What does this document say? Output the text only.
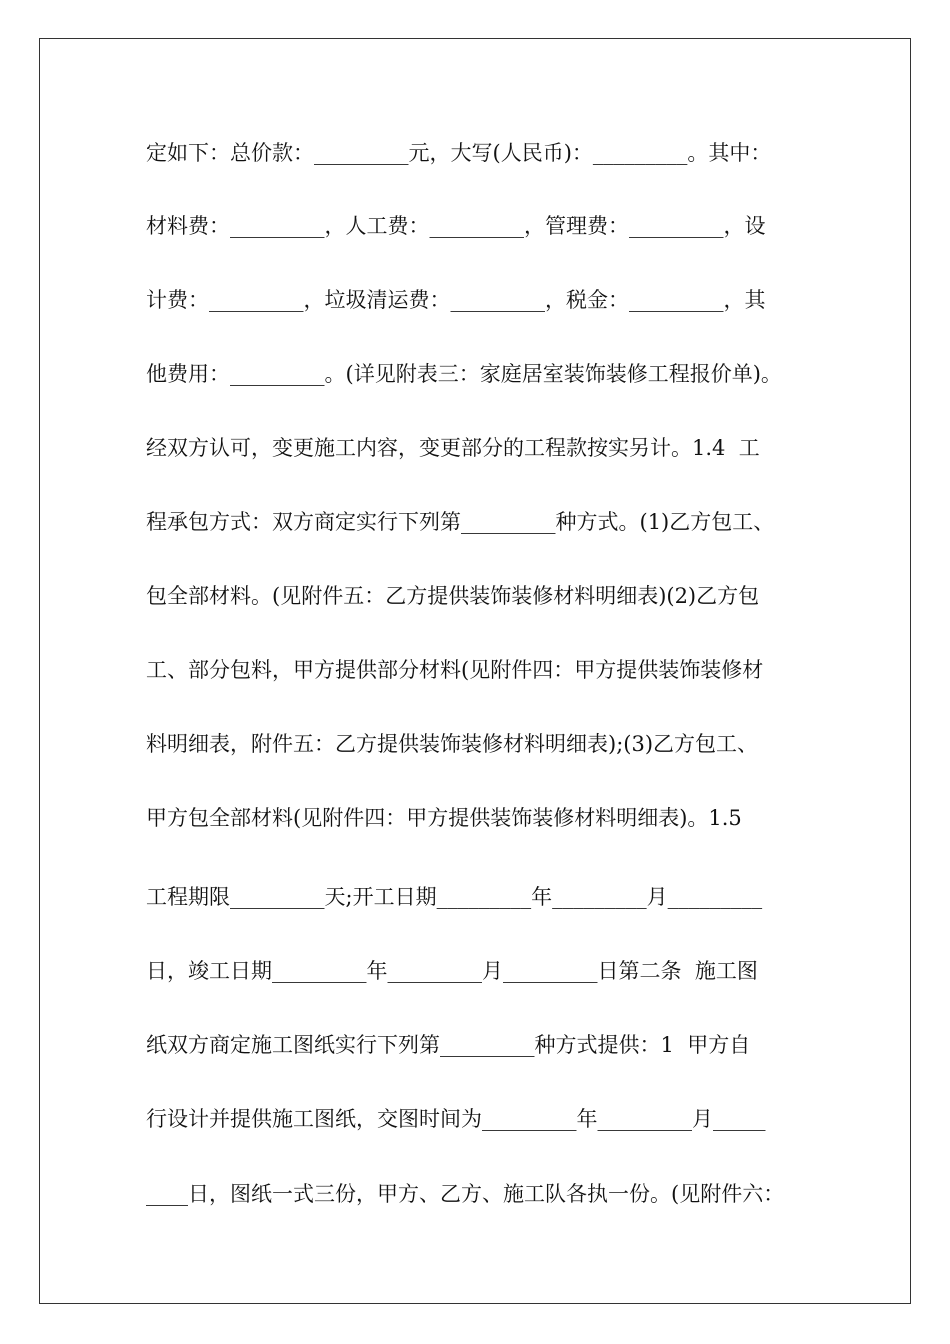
定如下：总价款：_________元，大写(人民币)：_________。其中：
材料费：_________，人工费：_________，管理费：_________，设
计费：_________，垃圾清运费：_________，税金：_________，其
他费用：_________。(详见附表三：家庭居室装饰装修工程报价单)。
经双方认可，变更施工内容，变更部分的工程款按实另计。1.4  工
程承包方式：双方商定实行下列第_________种方式。(1)乙方包工、
包全部材料。(见附件五：乙方提供装饰装修材料明细表)(2)乙方包
工、部分包料，甲方提供部分材料(见附件四：甲方提供装饰装修材
料明细表，附件五：乙方提供装饰装修材料明细表);(3)乙方包工、
甲方包全部材料(见附件四：甲方提供装饰装修材料明细表)。1.5
工程期限_________天;开工日期_________年_________月_________
日，竣工日期_________年_________月_________日第二条  施工图
纸双方商定施工图纸实行下列第_________种方式提供：1  甲方自
行设计并提供施工图纸，交图时间为_________年_________月_____
____日，图纸一式三份，甲方、乙方、施工队各执一份。(见附件六：
